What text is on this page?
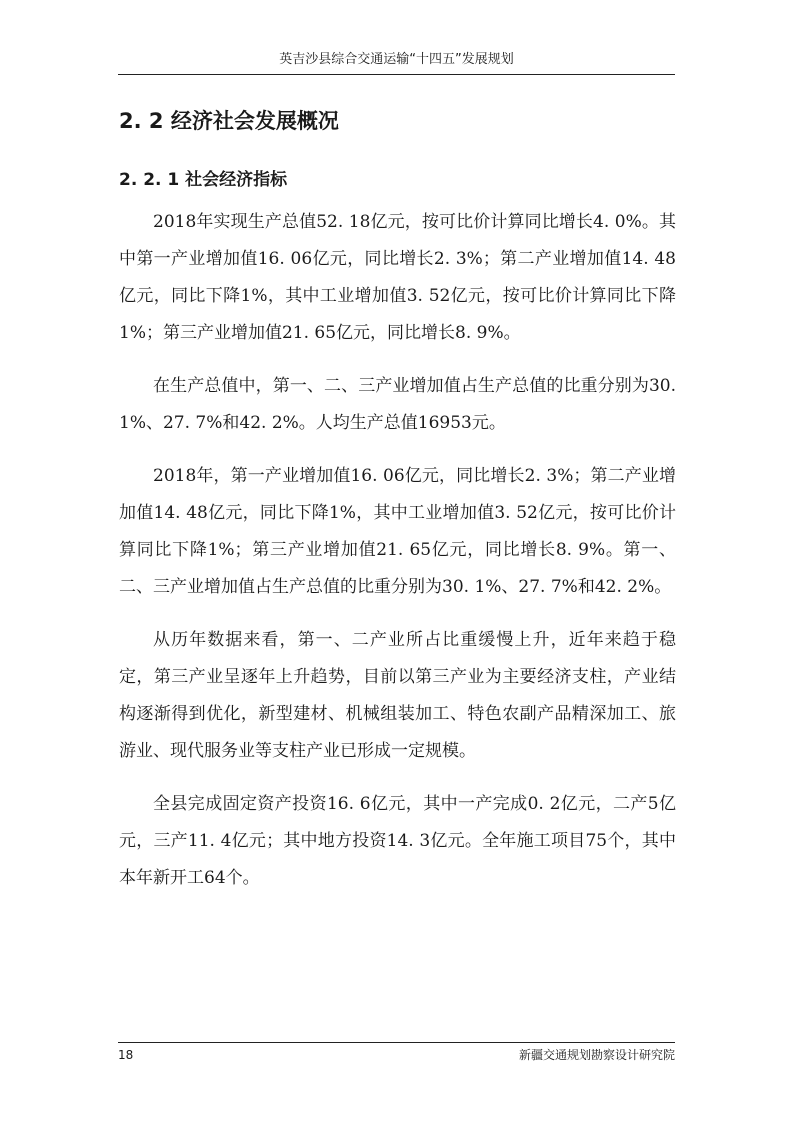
英吉沙县综合交通运输“十四五”发展规划
2. 2 经济社会发展概况
2. 2. 1 社会经济指标

2018年实现生产总值52. 18亿元，按可比价计算同比增长4. 0%。其中第一产业增加值16. 06亿元，同比增长2. 3%；第二产业增加值14. 48亿元，同比下降1%，其中工业增加值3. 52亿元，按可比价计算同比下降1%；第三产业增加值21. 65亿元，同比增长8. 9%。

在生产总值中，第一、二、三产业增加值占生产总值的比重分别为30. 1%、27. 7%和42. 2%。人均生产总值16953元。

2018年，第一产业增加值16. 06亿元，同比增长2. 3%；第二产业增加值14. 48亿元，同比下降1%，其中工业增加值3. 52亿元，按可比价计算同比下降1%；第三产业增加值21. 65亿元，同比增长8. 9%。第一、二、三产业增加值占生产总值的比重分别为30. 1%、27. 7%和42. 2%。

从历年数据来看，第一、二产业所占比重缓慢上升，近年来趋于稳定，第三产业呈逐年上升趋势，目前以第三产业为主要经济支柱，产业结构逐渐得到优化，新型建材、机械组装加工、特色农副产品精深加工、旅游业、现代服务业等支柱产业已形成一定规模。

全县完成固定资产投资16. 6亿元，其中一产完成0. 2亿元，二产5亿元，三产11. 4亿元；其中地方投资14. 3亿元。全年施工项目75个，其中本年新开工64个。

18	新疆交通规划勘察设计研究院
